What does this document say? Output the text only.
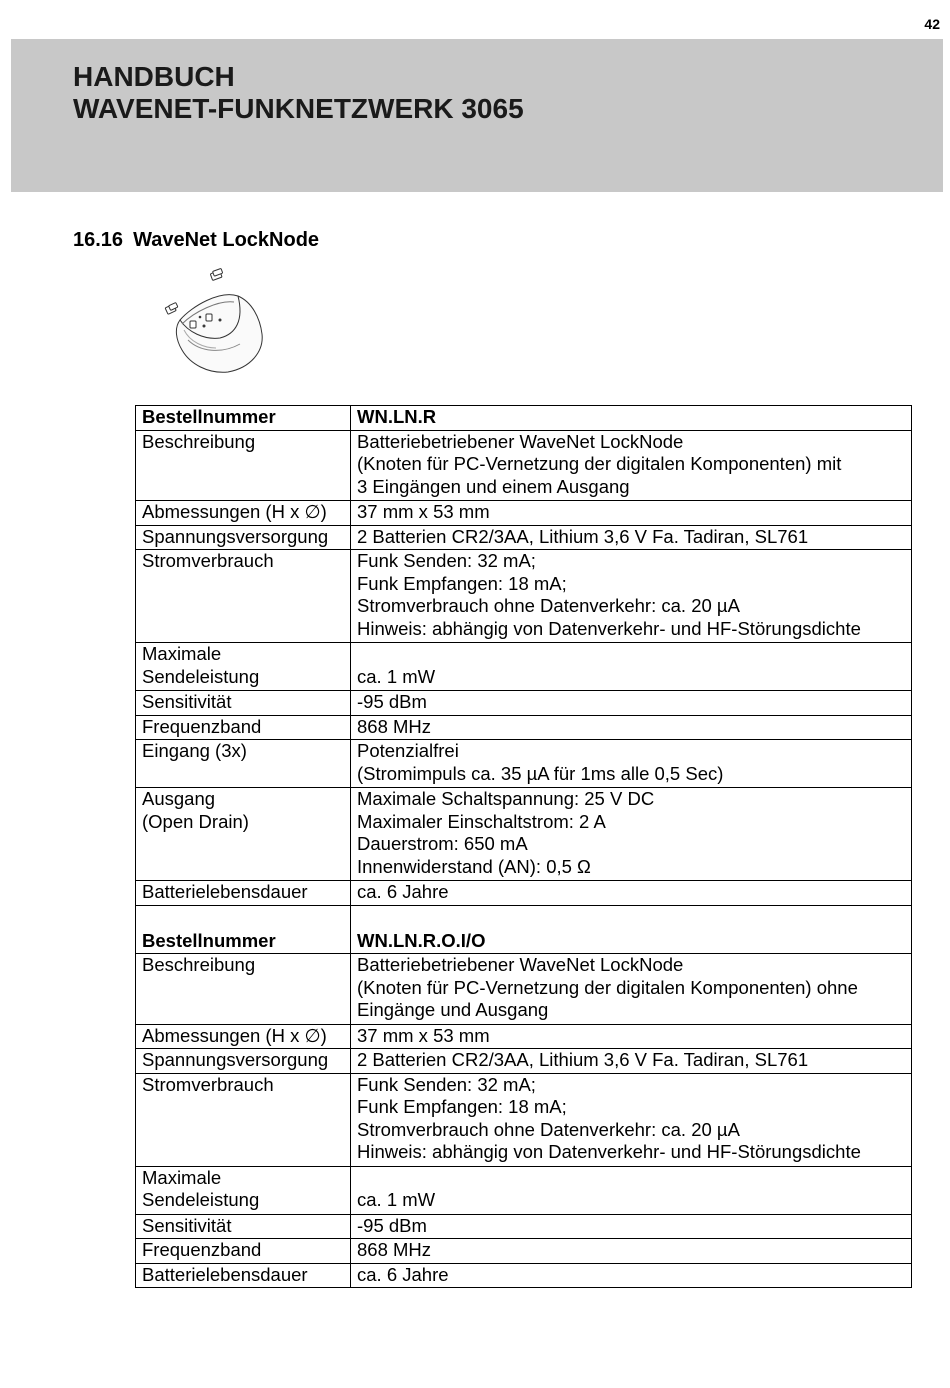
42
HANDBUCH
WAVENET-FUNKNETZWERK 3065
16.16 WaveNet LockNode
Bestellnummer	WN.LN.R
Beschreibung	Batteriebetriebener WaveNet LockNode
(Knoten für PC-Vernetzung der digitalen Komponenten) mit
3 Eingängen und einem Ausgang

Abmessungen (H x ∅)	37 mm x 53 mm

Spannungsversorgung	2 Batterien CR2/3AA, Lithium 3,6 V Fa. Tadiran, SL761

Stromverbrauch	Funk Senden: 32 mA;
Funk Empfangen: 18 mA;
Stromverbrauch ohne Datenverkehr: ca. 20 µA
Hinweis: abhängig von Datenverkehr- und HF-Störungsdichte

Maximale
Sendeleistung	ca. 1 mW

Sensitivität	-95 dBm

Frequenzband	868 MHz

Eingang (3x)	Potenzialfrei
(Stromimpuls ca. 35 µA für 1ms alle 0,5 Sec)

Ausgang
(Open Drain)	Maximale Schaltspannung: 25 V DC
Maximaler Einschaltstrom: 2 A
Dauerstrom: 650 mA
Innenwiderstand (AN): 0,5 Ω

Batterielebensdauer	ca. 6 Jahre

Bestellnummer	WN.LN.R.O.I/O
Beschreibung	Batteriebetriebener WaveNet LockNode
(Knoten für PC-Vernetzung der digitalen Komponenten) ohne
Eingänge und Ausgang

Abmessungen (H x ∅)	37 mm x 53 mm

Spannungsversorgung	2 Batterien CR2/3AA, Lithium 3,6 V Fa. Tadiran, SL761

Stromverbrauch	Funk Senden: 32 mA;
Funk Empfangen: 18 mA;
Stromverbrauch ohne Datenverkehr: ca. 20 µA
Hinweis: abhängig von Datenverkehr- und HF-Störungsdichte

Maximale
Sendeleistung	ca. 1 mW

Sensitivität	-95 dBm

Frequenzband	868 MHz

Batterielebensdauer	ca. 6 Jahre
